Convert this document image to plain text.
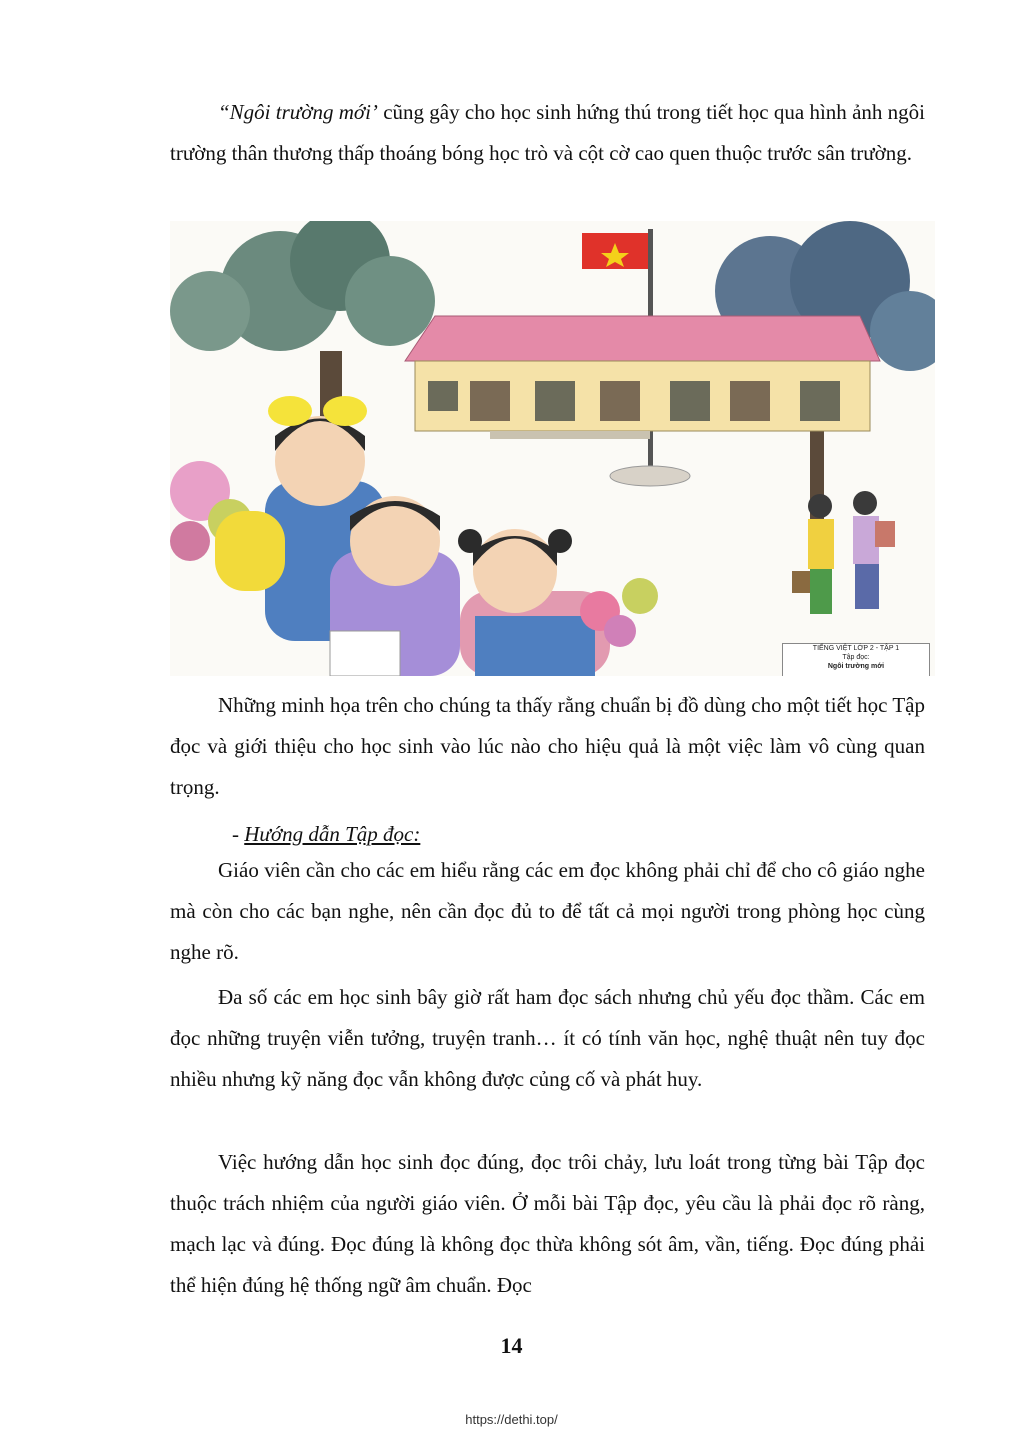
“Ngôi trường mới’ cũng gây cho học sinh hứng thú trong tiết học qua hình ảnh ngôi trường thân thương thấp thoáng bóng học trò và cột cờ cao quen thuộc trước sân trường.

TIẾNG VIỆT LỚP 2 - TẬP 1
Tập đọc:
Ngôi trường mới

Những minh họa trên cho chúng ta thấy rằng chuẩn bị đồ dùng cho một tiết học Tập đọc và giới thiệu cho học sinh vào lúc nào cho hiệu quả là một việc làm vô cùng quan trọng.

- Hướng dẫn Tập đọc:

Giáo viên cần cho các em hiểu rằng các em đọc không phải chỉ để cho cô giáo nghe mà còn cho các bạn nghe, nên cần đọc đủ to để tất cả mọi người trong phòng học cùng nghe rõ.

Đa số các em học sinh bây giờ rất ham đọc sách nhưng chủ yếu đọc thầm. Các em đọc những truyện viễn tưởng, truyện tranh… ít có tính văn học, nghệ thuật nên tuy đọc nhiều nhưng kỹ năng đọc vẫn không được củng cố và phát huy.

Việc hướng dẫn học sinh đọc đúng, đọc trôi chảy, lưu loát trong từng bài Tập đọc thuộc trách nhiệm của người giáo viên. Ở mỗi bài Tập đọc, yêu cầu là phải đọc rõ ràng, mạch lạc và đúng. Đọc đúng là không đọc thừa không sót âm, vần, tiếng. Đọc đúng phải thể hiện đúng hệ thống ngữ âm chuẩn. Đọc

14
https://dethi.top/
